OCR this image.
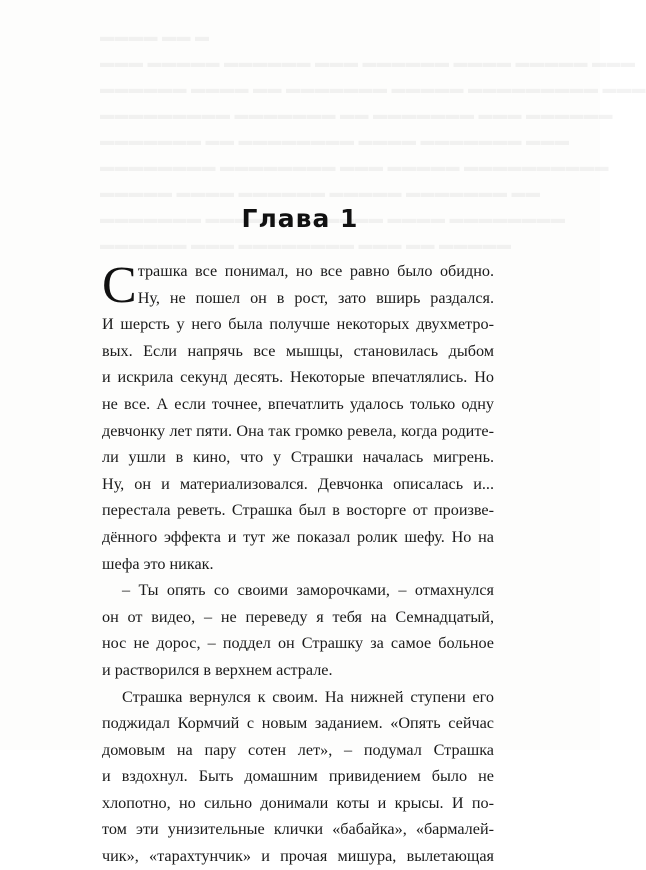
Глава 1
С трашка все понимал, но все равно было обидно.
Ну, не пошел он в рост, зато вширь раздался.
И шерсть у него была получше некоторых двухметро-
вых. Если напрячь все мышцы, становилась дыбом
и искрила секунд десять. Некоторые впечатлялись. Но
не все. А если точнее, впечатлить удалось только одну
девчонку лет пяти. Она так громко ревела, когда родите-
ли ушли в кино, что у Страшки началась мигрень.
Ну, он и материализовался. Девчонка описалась и...
перестала реветь. Страшка был в восторге от произве-
дённого эффекта и тут же показал ролик шефу. Но на
шефа это никак.
– Ты опять со своими заморочками, – отмахнулся
он от видео, – не переведу я тебя на Семнадцатый,
нос не дорос, – поддел он Страшку за самое больное
и растворился в верхнем астрале.
Страшка вернулся к своим. На нижней ступени его
поджидал Кормчий с новым заданием. «Опять сейчас
домовым на пару сотен лет», – подумал Страшка
и вздохнул. Быть домашним привидением было не
хлопотно, но сильно донимали коты и крысы. И по-
том эти унизительные клички «бабайка», «бармалей-
чик», «тарахтунчик» и прочая мишура, вылетающая
